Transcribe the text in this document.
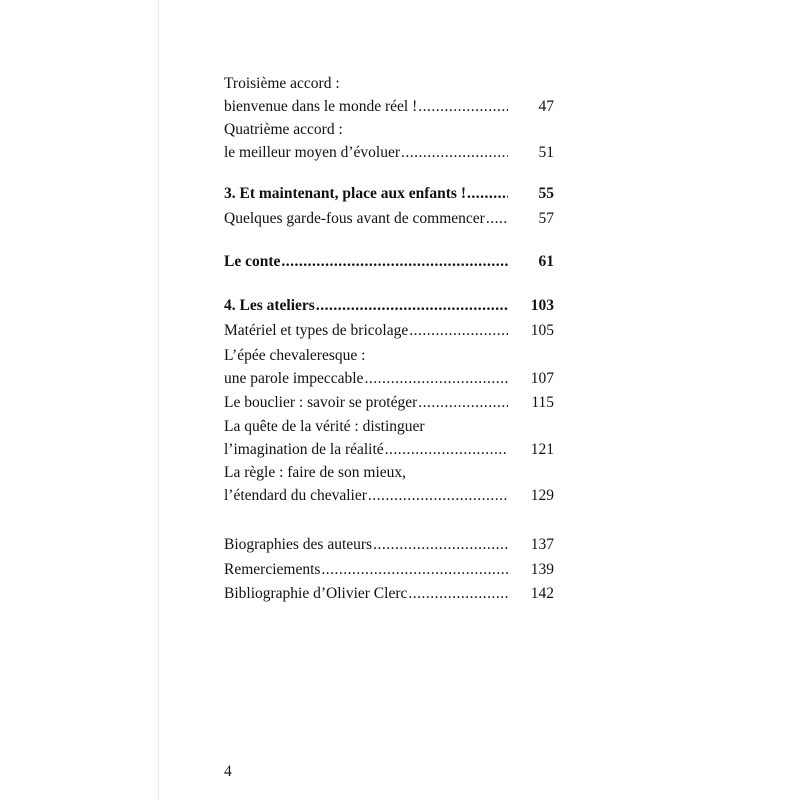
Troisième accord :
bienvenue dans le monde réel ! .....	47
Quatrième accord :
le meilleur moyen d’évoluer .....	51
3. Et maintenant, place aux enfants ! .....	55
Quelques garde-fous avant de commencer .....	57
Le conte .....	61
4. Les ateliers .....	103
Matériel et types de bricolage .....	105
L’épée chevaleresque :
une parole impeccable .....	107
Le bouclier : savoir se protéger .....	115
La quête de la vérité : distinguer
l’imagination de la réalité .....	121
La règle : faire de son mieux,
l’étendard du chevalier .....	129
Biographies des auteurs .....	137
Remerciements .....	139
Bibliographie d’Olivier Clerc .....	142
4
